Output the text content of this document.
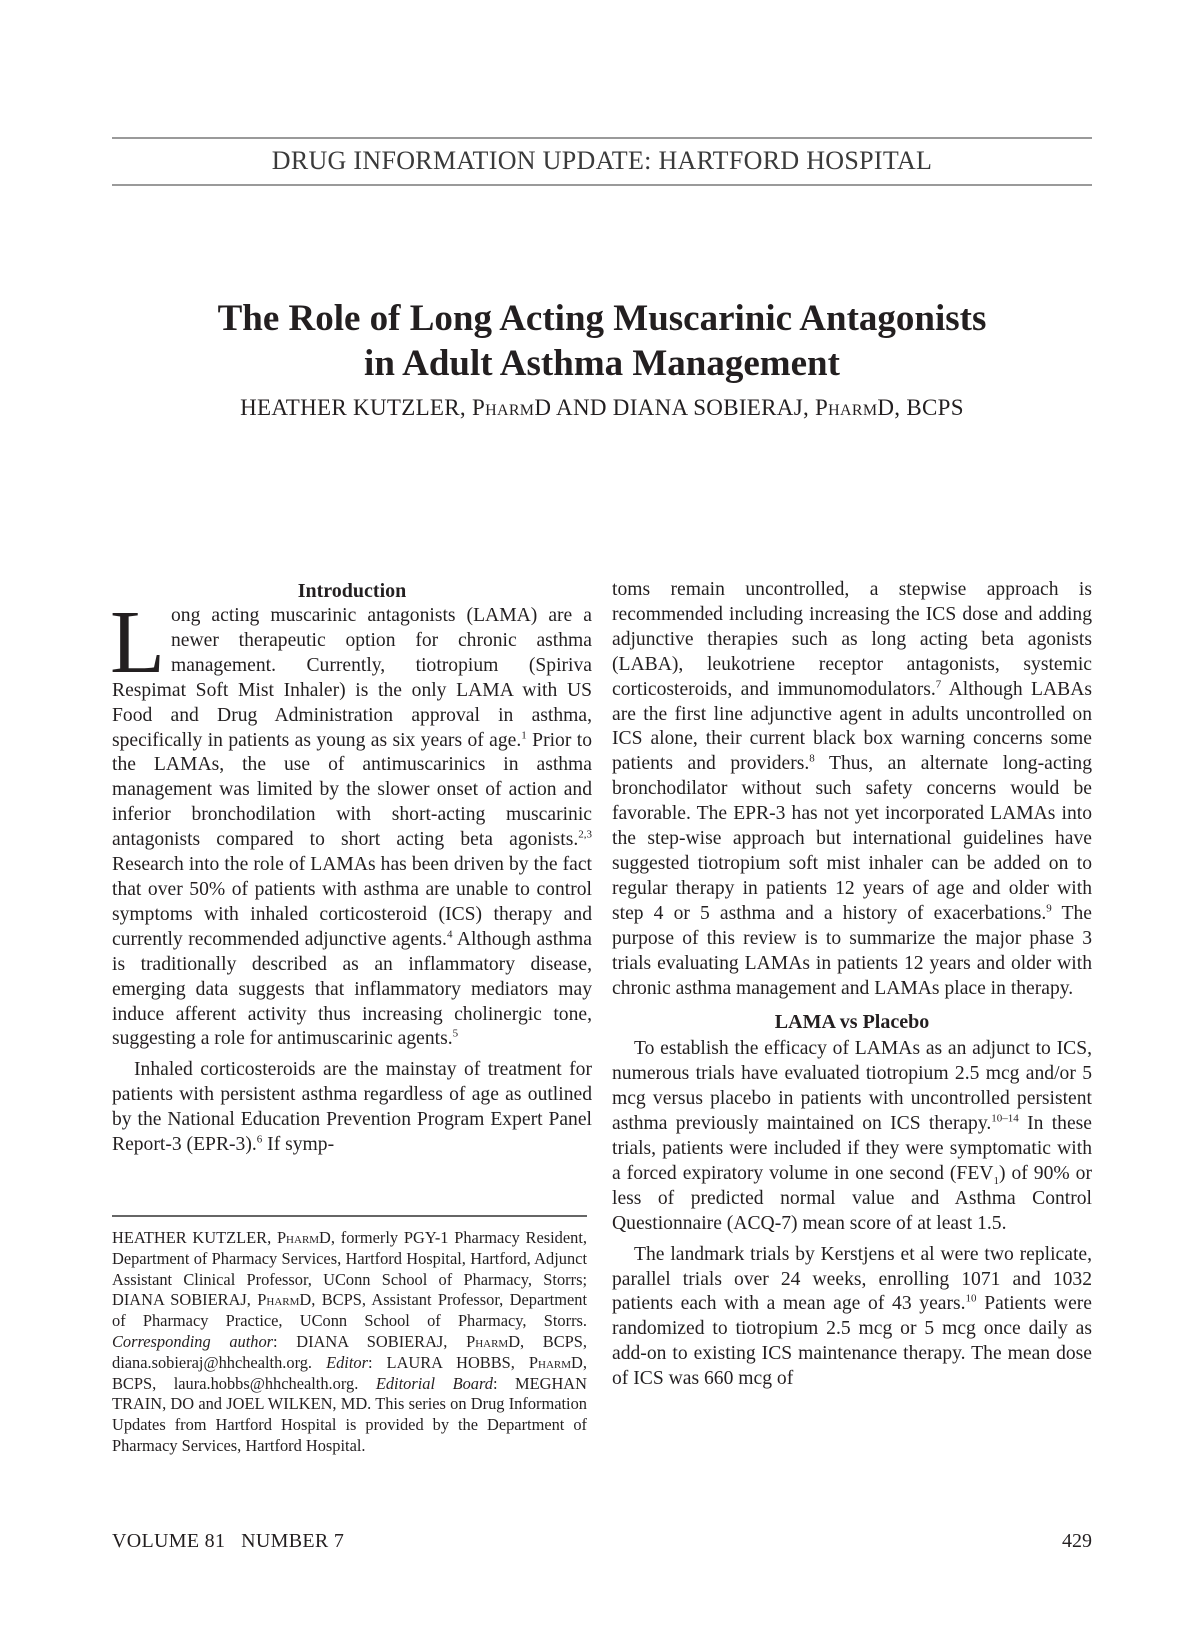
DRUG INFORMATION UPDATE: HARTFORD HOSPITAL
The Role of Long Acting Muscarinic Antagonists
in Adult Asthma Management
HEATHER KUTZLER, PharmD AND DIANA SOBIERAJ, PharmD, BCPS

Introduction

Long acting muscarinic antagonists (LAMA) are a newer therapeutic option for chronic asthma management. Currently, tiotropium (Spiriva Respimat Soft Mist Inhaler) is the only LAMA with US Food and Drug Administration approval in asthma, specifically in patients as young as six years of age.$^1$ Prior to the LAMAs, the use of antimuscarinics in asthma management was limited by the slower onset of action and inferior bronchodilation with short-acting muscarinic antagonists compared to short acting beta agonists.$^{2,3}$ Research into the role of LAMAs has been driven by the fact that over 50% of patients with asthma are unable to control symptoms with inhaled corticosteroid (ICS) therapy and currently recommended adjunctive agents.$^4$ Although asthma is traditionally described as an inflammatory disease, emerging data suggests that inflammatory mediators may induce afferent activity thus increasing cholinergic tone, suggesting a role for antimuscarinic agents.$^5$

Inhaled corticosteroids are the mainstay of treatment for patients with persistent asthma regardless of age as outlined by the National Education Prevention Program Expert Panel Report-3 (EPR-3).$^6$ If symp-

HEATHER KUTZLER, PharmD, formerly PGY-1 Pharmacy Resident, Department of Pharmacy Services, Hartford Hospital, Hartford, Adjunct Assistant Clinical Professor, UConn School of Pharmacy, Storrs; DIANA SOBIERAJ, PharmD, BCPS, Assistant Professor, Department of Pharmacy Practice, UConn School of Pharmacy, Storrs. Corresponding author: DIANA SOBIERAJ, PharmD, BCPS, diana.sobieraj@hhchealth.org. Editor: LAURA HOBBS, PharmD, BCPS, laura.hobbs@hhchealth.org. Editorial Board: MEGHAN TRAIN, DO and JOEL WILKEN, MD. This series on Drug Information Updates from Hartford Hospital is provided by the Department of Pharmacy Services, Hartford Hospital.

toms remain uncontrolled, a stepwise approach is recommended including increasing the ICS dose and adding adjunctive therapies such as long acting beta agonists (LABA), leukotriene receptor antagonists, systemic corticosteroids, and immunomodulators.$^7$ Although LABAs are the first line adjunctive agent in adults uncontrolled on ICS alone, their current black box warning concerns some patients and providers.$^8$ Thus, an alternate long-acting bronchodilator without such safety concerns would be favorable. The EPR-3 has not yet incorporated LAMAs into the step-wise approach but international guidelines have suggested tiotropium soft mist inhaler can be added on to regular therapy in patients 12 years of age and older with step 4 or 5 asthma and a history of exacerbations.$^9$ The purpose of this review is to summarize the major phase 3 trials evaluating LAMAs in patients 12 years and older with chronic asthma management and LAMAs place in therapy.

LAMA vs Placebo

To establish the efficacy of LAMAs as an adjunct to ICS, numerous trials have evaluated tiotropium 2.5 mcg and/or 5 mcg versus placebo in patients with uncontrolled persistent asthma previously maintained on ICS therapy.$^{10-14}$ In these trials, patients were included if they were symptomatic with a forced expiratory volume in one second $(FEV_1)$ of 90% or less of predicted normal value and Asthma Control Questionnaire (ACQ-7) mean score of at least 1.5.

The landmark trials by Kerstjens et al were two replicate, parallel trials over 24 weeks, enrolling 1071 and 1032 patients each with a mean age of 43 years.$^{10}$ Patients were randomized to tiotropium 2.5 mcg or 5 mcg once daily as add-on to existing ICS maintenance therapy. The mean dose of ICS was 660 mcg of

VOLUME 81   NUMBER 7	429
